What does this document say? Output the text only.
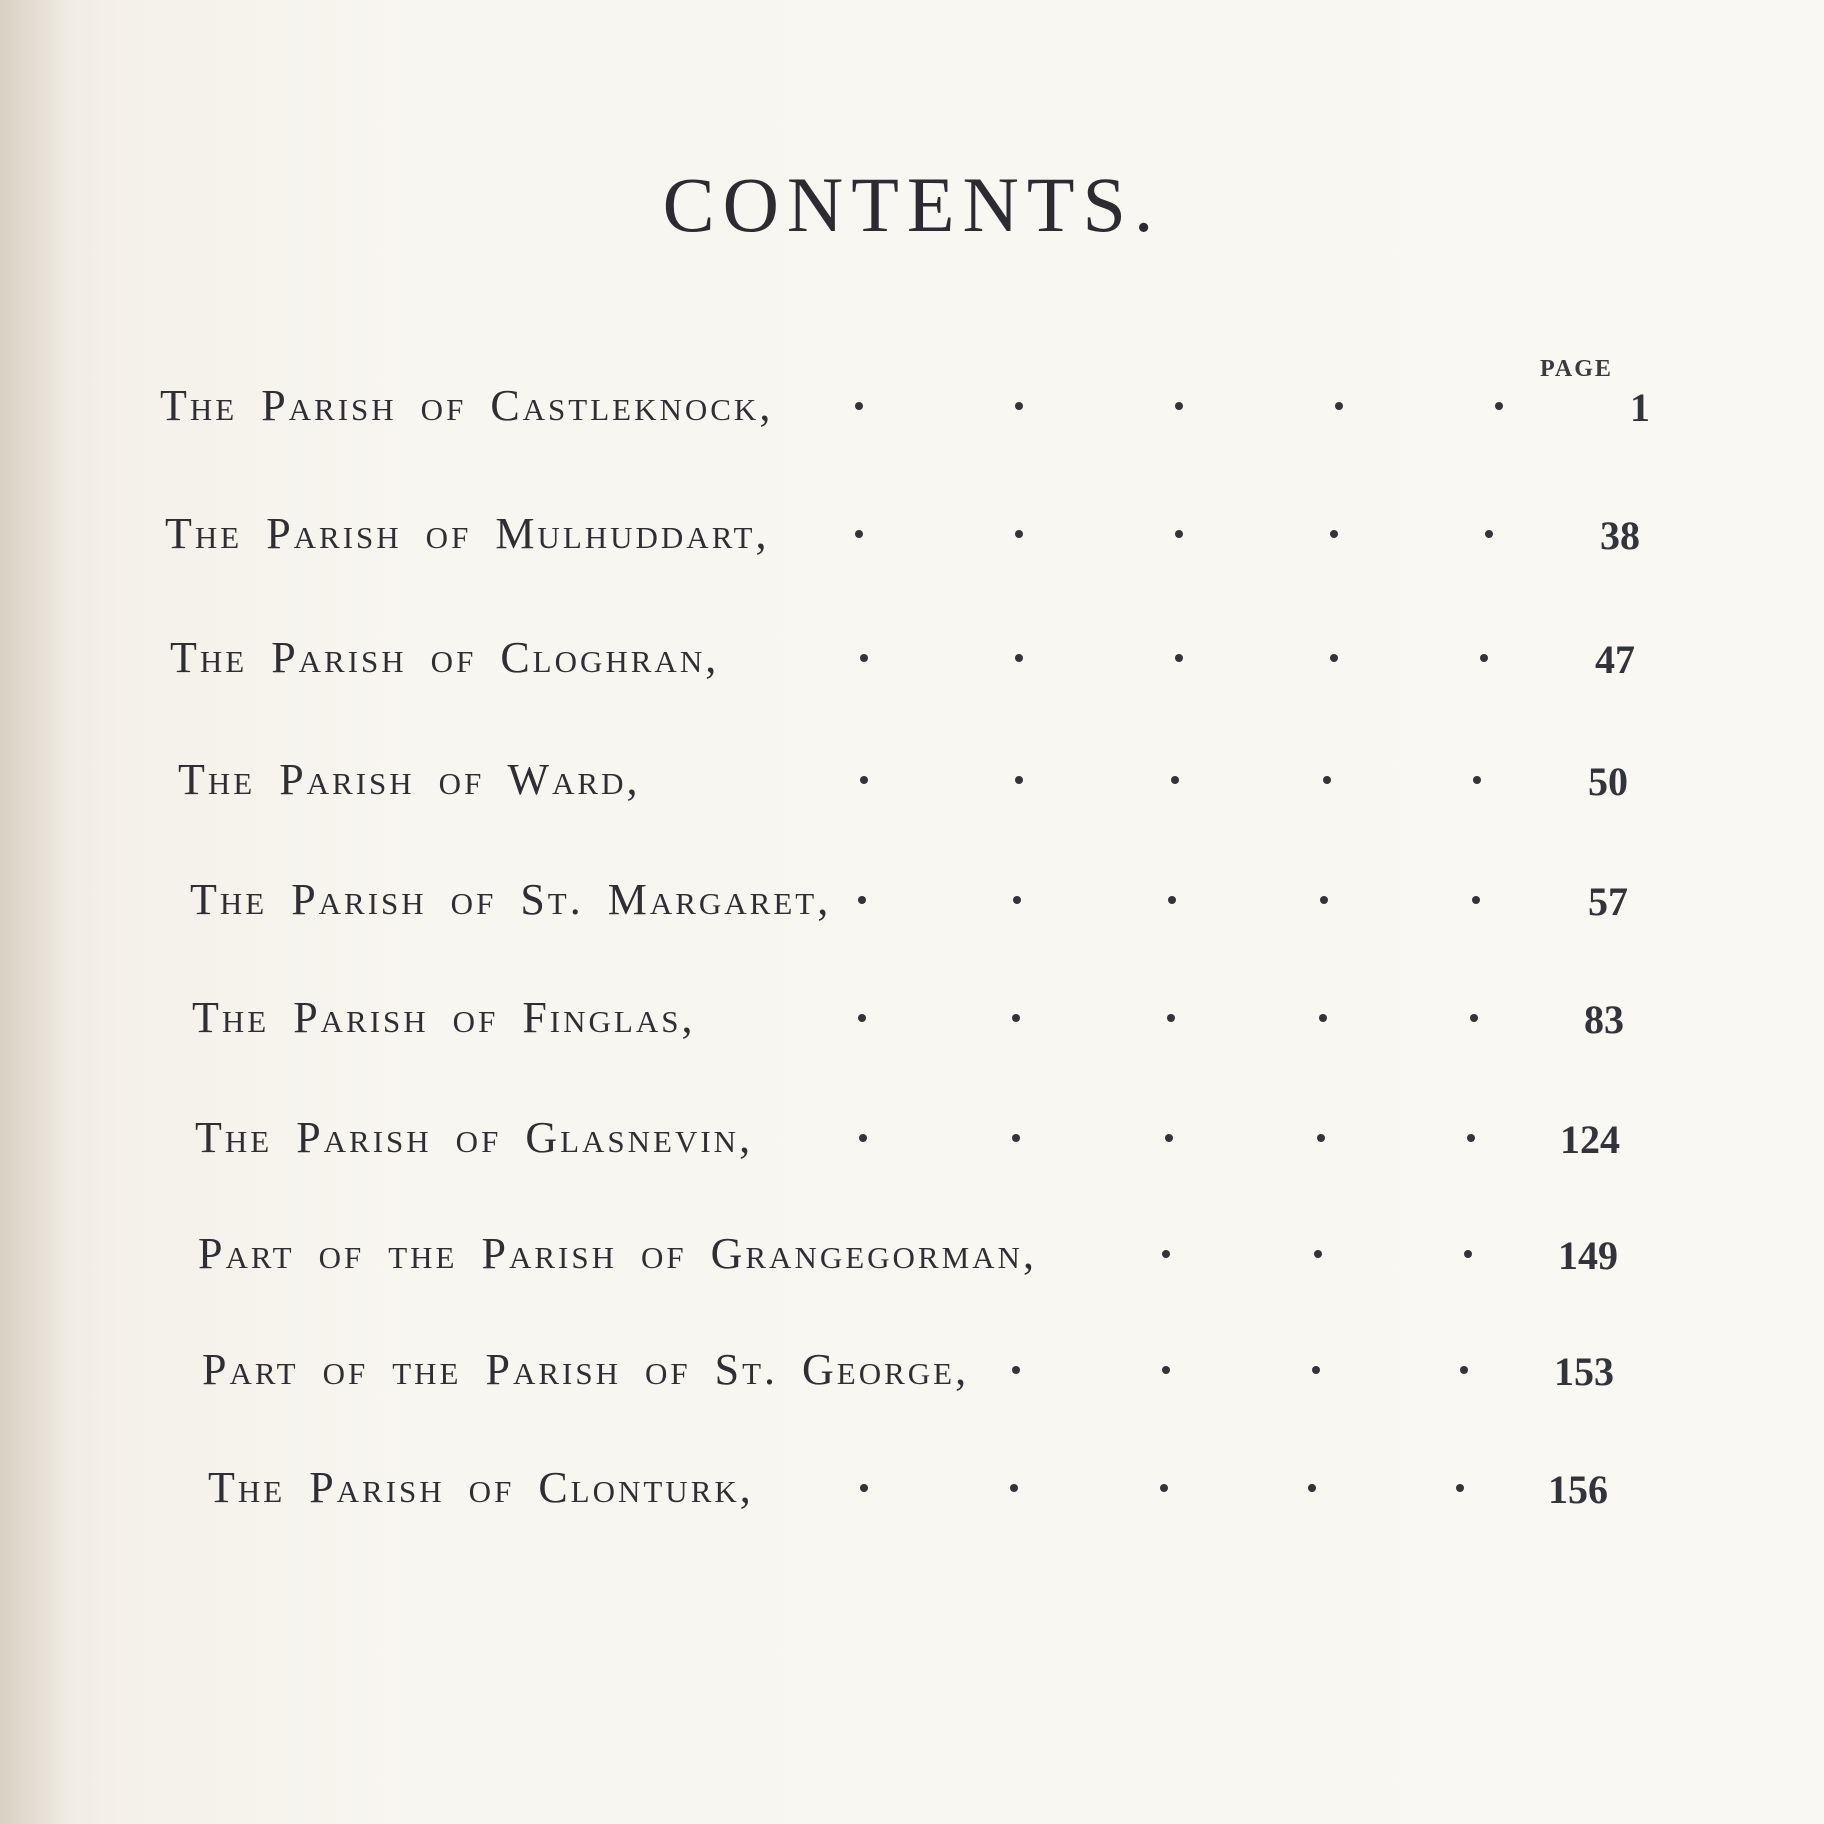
CONTENTS.
PAGE
The Parish of Castleknock,	1
The Parish of Mulhuddart,	38
The Parish of Cloghran,	47
The Parish of Ward,	50
The Parish of St. Margaret,	57
The Parish of Finglas,	83
The Parish of Glasnevin,	124
Part of the Parish of Grangegorman,	149
Part of the Parish of St. George,	153
The Parish of Clonturk,	156
